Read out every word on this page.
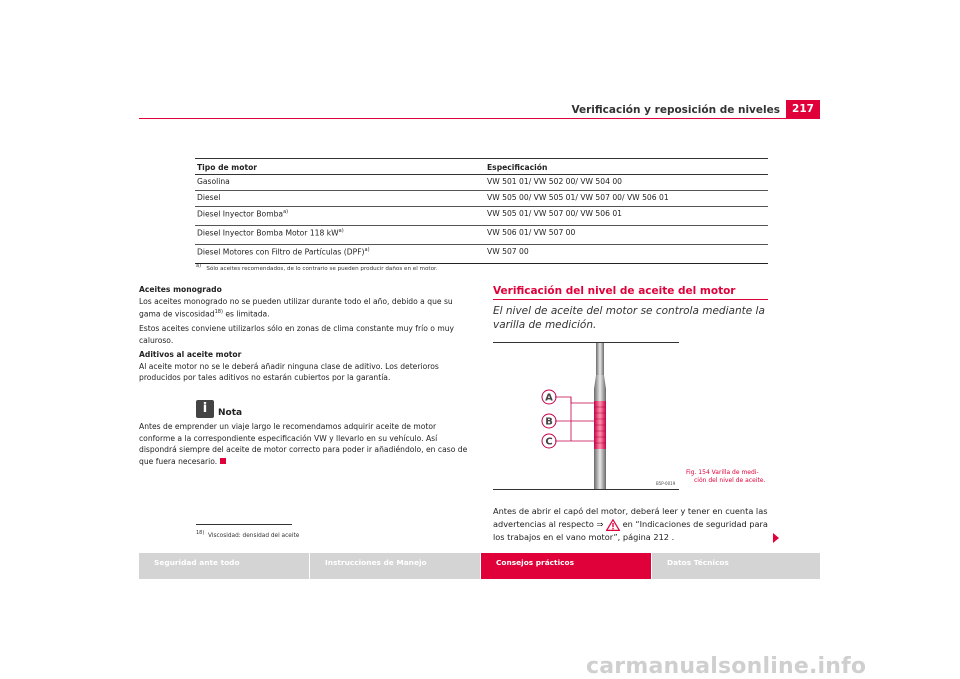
Verificación y reposición de niveles	217
Tipo de motor	Especificación
Gasolina	VW 501 01/ VW 502 00/ VW 504 00
Diesel	VW 505 00/ VW 505 01/ VW 507 00/ VW 506 01
Diesel Inyector Bomba$^{a)}$	VW 505 01/ VW 507 00/ VW 506 01
Diesel Inyector Bomba Motor 118 $kW^{a)}$	VW 506 01/ VW 507 00
Diesel Motores con Filtro de Partículas (DPF)$^{a)}$	VW 507 00
a) Sólo aceites recomendados, de lo contrario se pueden producir daños en el motor.
Aceites monogrado
Los aceites monogrado no se pueden utilizar durante todo el año, debido a que su gama de viscosidad$^{18)}$ es limitada.
Estos aceites conviene utilizarlos sólo en zonas de clima constante muy frío o muy caluroso.
Aditivos al aceite motor
Al aceite motor no se le deberá añadir ninguna clase de aditivo. Los deterioros producidos por tales aditivos no estarán cubiertos por la garantía.
i	Nota
Antes de emprender un viaje largo le recomendamos adquirir aceite de motor conforme a la correspondiente especificación VW y llevarlo en su vehículo. Así dispondrá siempre del aceite de motor correcto para poder ir añadiéndolo, en caso de que fuera necesario.
18) Viscosidad: densidad del aceite
Verificación del nivel de aceite del motor
El nivel de aceite del motor se controla mediante la varilla de medición.
A
B
C
B5P-0019
Fig. 154 Varilla de medi-
ción del nivel de aceite.
Antes de abrir el capó del motor, deberá leer y tener en cuenta las advertencias al respecto ⇒  en “Indicaciones de seguridad para los trabajos en el vano motor”, página 212 .
Seguridad ante todo	Instrucciones de Manejo	Consejos prácticos	Datos Técnicos
carmanualsonline.info
